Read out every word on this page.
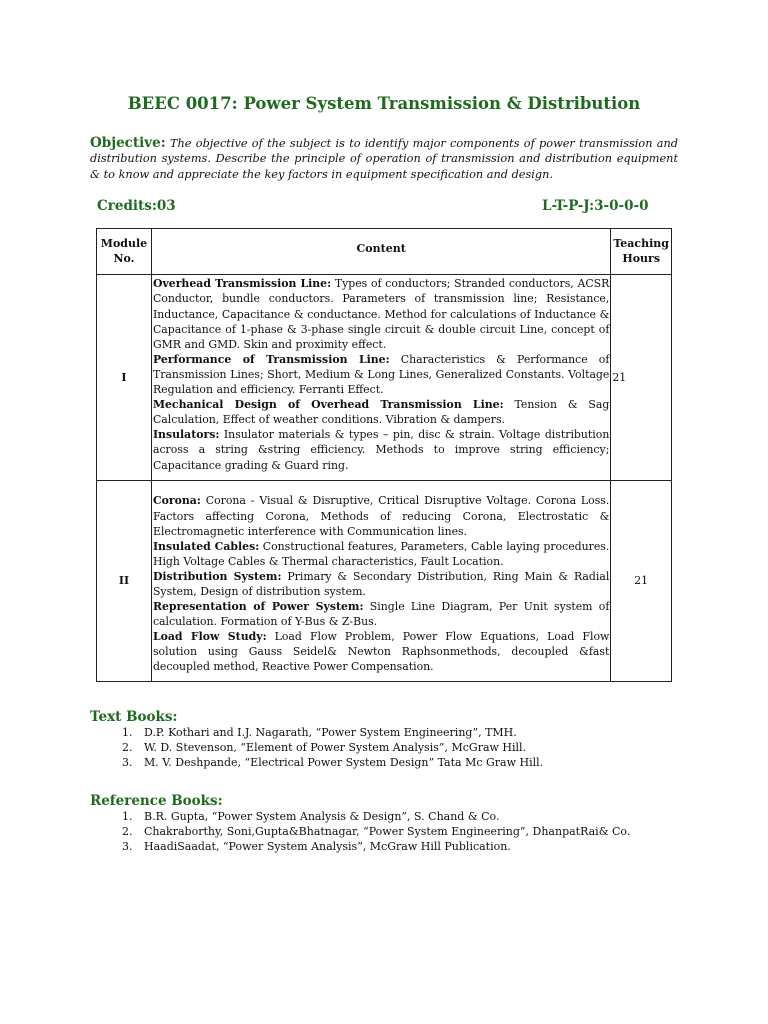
BEEC 0017: Power System Transmission & Distribution
Objective: The objective of the subject is to identify major components of power transmission and distribution systems. Describe the principle of operation of transmission and distribution equipment & to know and appreciate the key factors in equipment specification and design.
Credits:03	L-T-P-J:3-0-0-0
Module No.	Content	Teaching Hours
I	Overhead Transmission Line: Types of conductors; Stranded conductors, ACSR Conductor, bundle conductors. Parameters of transmission line; Resistance, Inductance, Capacitance & conductance. Method for calculations of Inductance & Capacitance of 1-phase & 3-phase single circuit & double circuit Line, concept of GMR and GMD. Skin and proximity effect.
Performance of Transmission Line: Characteristics & Performance of Transmission Lines; Short, Medium & Long Lines, Generalized Constants. Voltage Regulation and efficiency. Ferranti Effect.
Mechanical Design of Overhead Transmission Line: Tension & Sag Calculation, Effect of weather conditions. Vibration & dampers.
Insulators: Insulator materials & types – pin, disc & strain. Voltage distribution across a string &string efficiency. Methods to improve string efficiency; Capacitance grading & Guard ring.	21
II	Corona: Corona - Visual & Disruptive, Critical Disruptive Voltage. Corona Loss. Factors affecting Corona, Methods of reducing Corona, Electrostatic & Electromagnetic interference with Communication lines.
Insulated Cables: Constructional features, Parameters, Cable laying procedures. High Voltage Cables & Thermal characteristics, Fault Location.
Distribution System: Primary & Secondary Distribution, Ring Main & Radial System, Design of distribution system.
Representation of Power System: Single Line Diagram, Per Unit system of calculation. Formation of Y-Bus & Z-Bus.
Load Flow Study: Load Flow Problem, Power Flow Equations, Load Flow solution using Gauss Seidel& Newton Raphsonmethods, decoupled &fast decoupled method, Reactive Power Compensation.	21
Text Books:
1.	D.P. Kothari and I.J. Nagarath, “Power System Engineering”, TMH.
2.	W. D. Stevenson, “Element of Power System Analysis”, McGraw Hill.
3.	M. V. Deshpande, “Electrical Power System Design” Tata Mc Graw Hill.
Reference Books:
1.	B.R. Gupta, “Power System Analysis & Design”, S. Chand & Co.
2.	Chakraborthy, Soni,Gupta&Bhatnagar, “Power System Engineering”, DhanpatRai& Co.
3.	HaadiSaadat, “Power System Analysis”, McGraw Hill Publication.
